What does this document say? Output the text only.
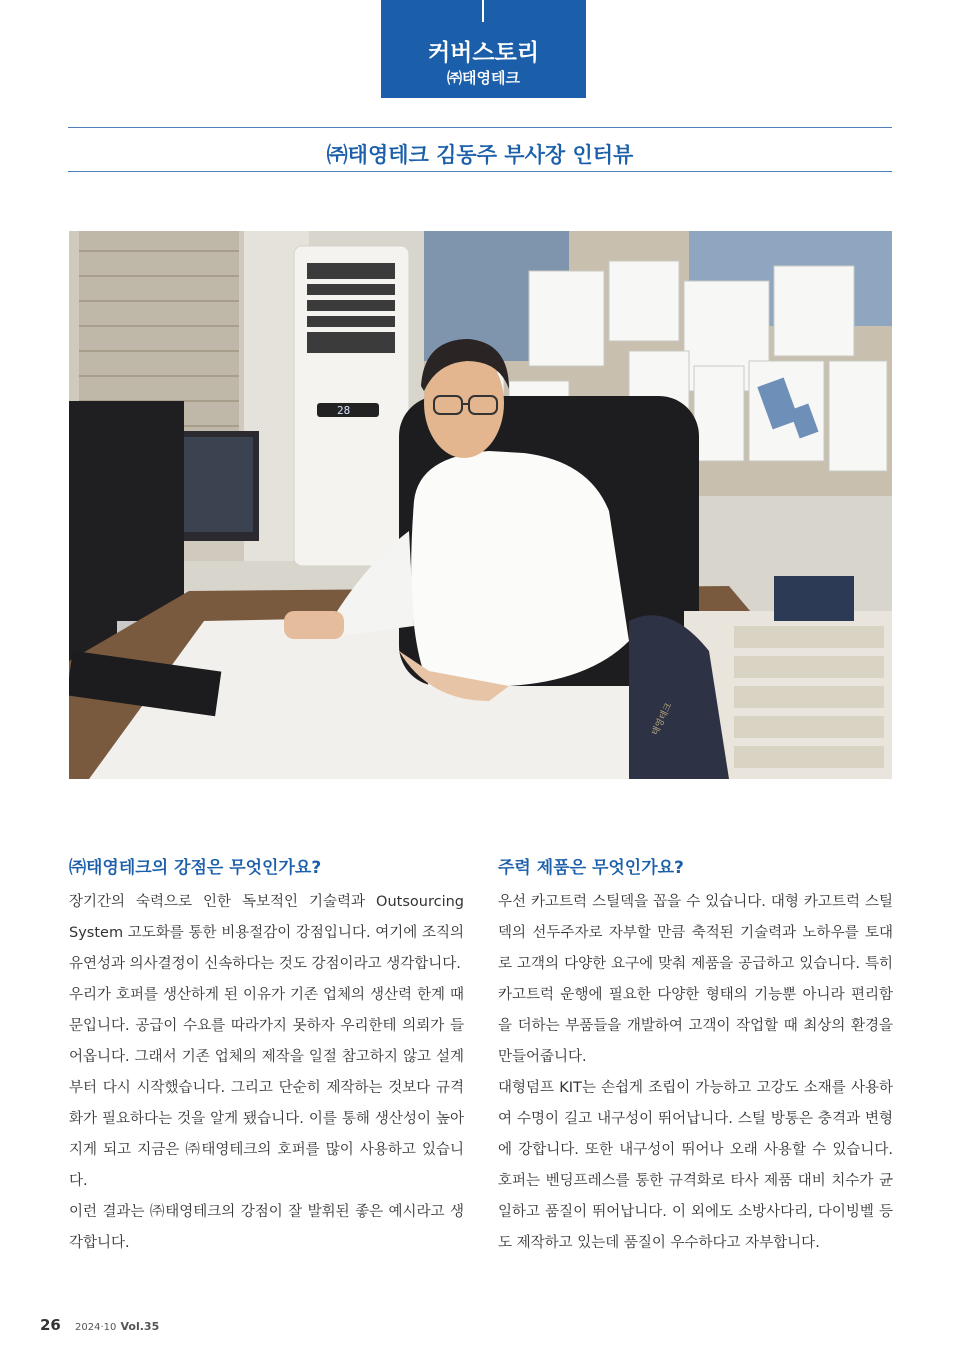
커버스토리
㈜태영테크
㈜태영테크 김동주 부사장 인터뷰
28
태영테크
㈜태영테크의 강점은 무엇인가요?

장기간의 숙력으로 인한 독보적인 기술력과 Outsourcing System 고도화를 통한 비용절감이 강점입니다. 여기에 조직의 유연성과 의사결정이 신속하다는 것도 강점이라고 생각합니다.

우리가 호퍼를 생산하게 된 이유가 기존 업체의 생산력 한계 때문입니다. 공급이 수요를 따라가지 못하자 우리한테 의뢰가 들어옵니다. 그래서 기존 업체의 제작을 일절 참고하지 않고 설계부터 다시 시작했습니다. 그리고 단순히 제작하는 것보다 규격화가 필요하다는 것을 알게 됐습니다. 이를 통해 생산성이 높아지게 되고 지금은 ㈜태영테크의 호퍼를 많이 사용하고 있습니다.

이런 결과는 ㈜태영테크의 강점이 잘 발휘된 좋은 예시라고 생각합니다.

주력 제품은 무엇인가요?

우선 카고트럭 스틸덱을 꼽을 수 있습니다. 대형 카고트럭 스틸덱의 선두주자로 자부할 만큼 축적된 기술력과 노하우를 토대로 고객의 다양한 요구에 맞춰 제품을 공급하고 있습니다. 특히 카고트럭 운행에 필요한 다양한 형태의 기능뿐 아니라 편리함을 더하는 부품들을 개발하여 고객이 작업할 때 최상의 환경을 만들어줍니다.

대형덤프 KIT는 손쉽게 조립이 가능하고 고강도 소재를 사용하여 수명이 길고 내구성이 뛰어납니다. 스틸 방통은 충격과 변형에 강합니다. 또한 내구성이 뛰어나 오래 사용할 수 있습니다. 호퍼는 벤딩프레스를 통한 규격화로 타사 제품 대비 치수가 균일하고 품질이 뛰어납니다. 이 외에도 소방사다리, 다이빙벨 등도 제작하고 있는데 품질이 우수하다고 자부합니다.

26 2024·10 Vol.35
